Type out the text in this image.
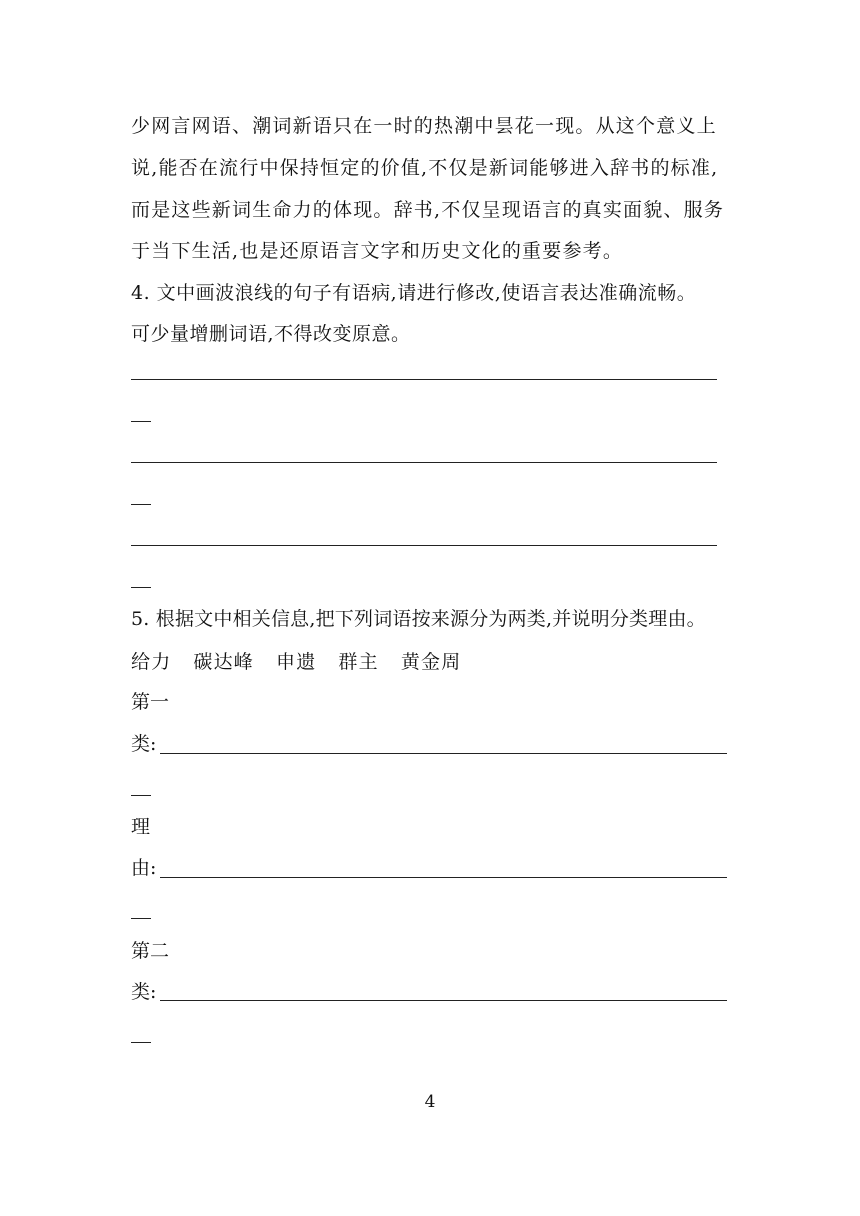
少网言网语、潮词新语只在一时的热潮中昙花一现。从这个意义上
说,能否在流行中保持恒定的价值,不仅是新词能够进入辞书的标准,
而是这些新词生命力的体现。辞书,不仅呈现语言的真实面貌、服务
于当下生活,也是还原语言文字和历史文化的重要参考。
4. 文中画波浪线的句子有语病,请进行修改,使语言表达准确流畅。
可少量增删词语,不得改变原意。
5. 根据文中相关信息,把下列词语按来源分为两类,并说明分类理由。
给力 碳达峰 申遗 群主 黄金周
第一
类:
理
由:
第二
类:
4
